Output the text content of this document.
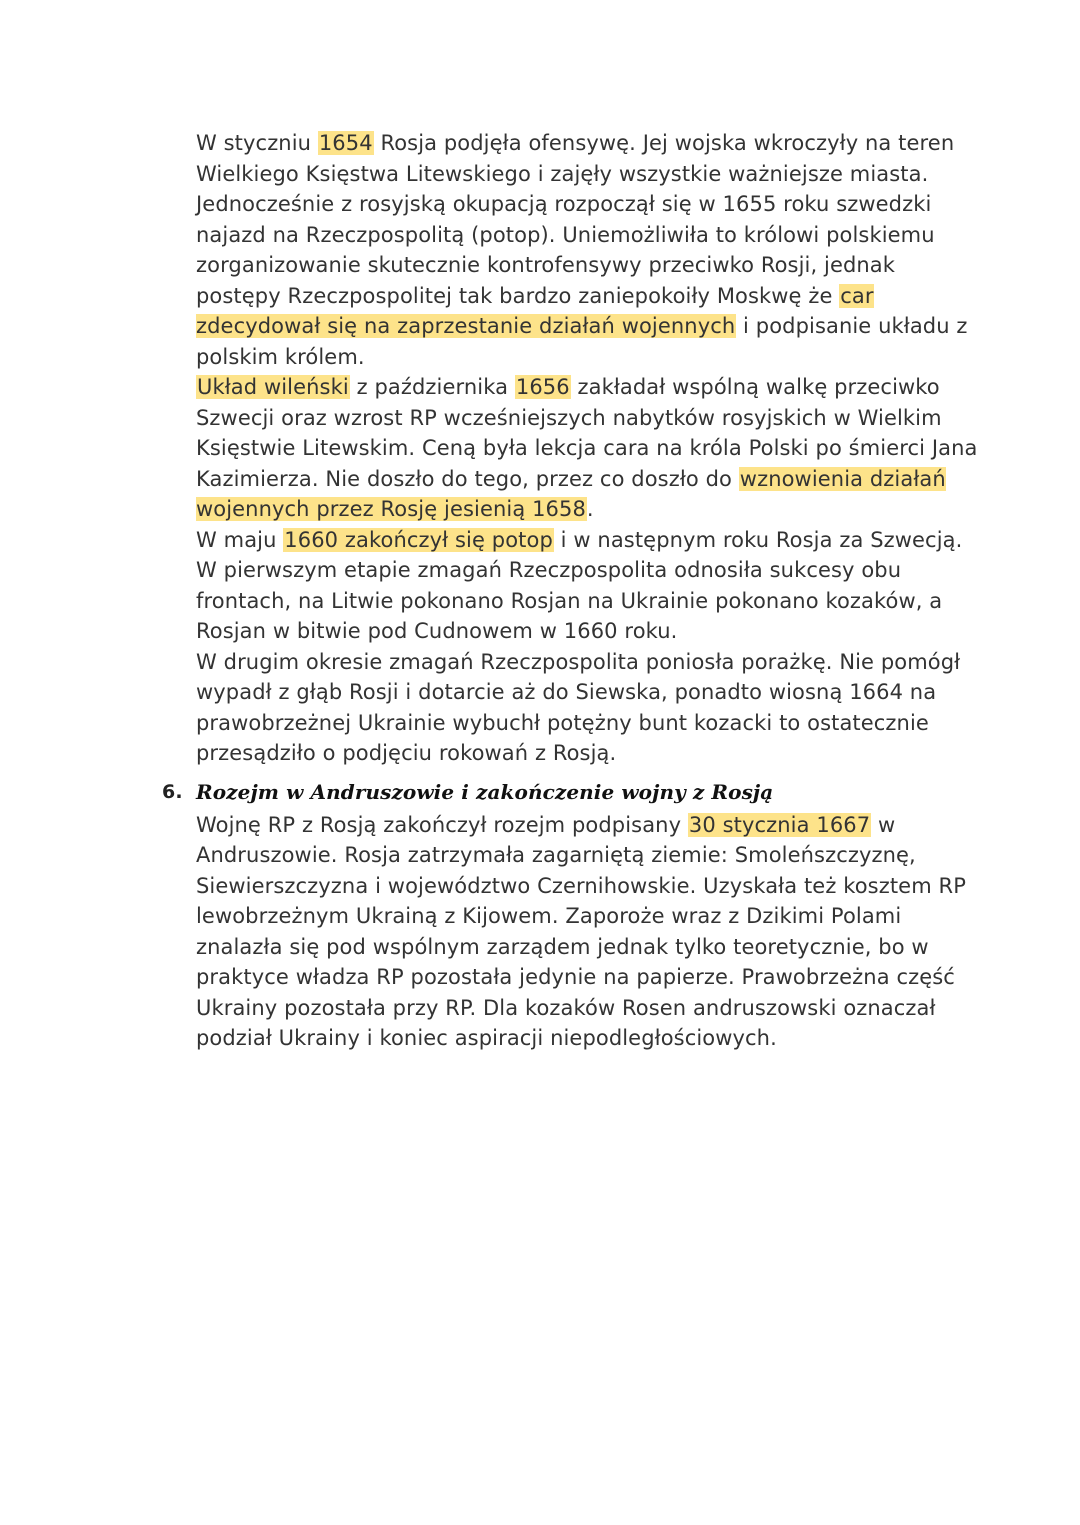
W styczniu 1654 Rosja podjęła ofensywę. Jej wojska wkroczyły na teren Wielkiego Księstwa Litewskiego i zajęły wszystkie ważniejsze miasta.

Jednocześnie z rosyjską okupacją rozpoczął się w 1655 roku szwedzki najazd na Rzeczpospolitą (potop). Uniemożliwiła to królowi polskiemu zorganizowanie skutecznie kontrofensywy przeciwko Rosji, jednak postępy Rzeczpospolitej tak bardzo zaniepokoiły Moskwę że car zdecydował się na zaprzestanie działań wojennych i podpisanie układu z polskim królem.

Układ wileński z października 1656 zakładał wspólną walkę przeciwko Szwecji oraz wzrost RP wcześniejszych nabytków rosyjskich w Wielkim Księstwie Litewskim. Ceną była lekcja cara na króla Polski po śmierci Jana Kazimierza. Nie doszło do tego, przez co doszło do wznowienia działań wojennych przez Rosję jesienią 1658.

W maju 1660 zakończył się potop i w następnym roku Rosja za Szwecją. W pierwszym etapie zmagań Rzeczpospolita odnosiła sukcesy obu frontach, na Litwie pokonano Rosjan na Ukrainie pokonano kozaków, a Rosjan w bitwie pod Cudnowem w 1660 roku.

W drugim okresie zmagań Rzeczpospolita poniosła porażkę. Nie pomógł wypadł z głąb Rosji i dotarcie aż do Siewska, ponadto wiosną 1664 na prawobrzeżnej Ukrainie wybuchł potężny bunt kozacki to ostatecznie przesądziło o podjęciu rokowań z Rosją.

6. Rozejm w Andruszowie i zakończenie wojny z Rosją

Wojnę RP z Rosją zakończył rozejm podpisany 30 stycznia 1667 w Andruszowie. Rosja zatrzymała zagarniętą ziemie: Smoleńszczyznę, Siewierszczyzna i województwo Czernihowskie. Uzyskała też kosztem RP lewobrzeżnym Ukrainą z Kijowem. Zaporoże wraz z Dzikimi Polami znalazła się pod wspólnym zarządem jednak tylko teoretycznie, bo w praktyce władza RP pozostała jedynie na papierze. Prawobrzeżna część Ukrainy pozostała przy RP. Dla kozaków Rosen andruszowski oznaczał podział Ukrainy i koniec aspiracji niepodległościowych.
